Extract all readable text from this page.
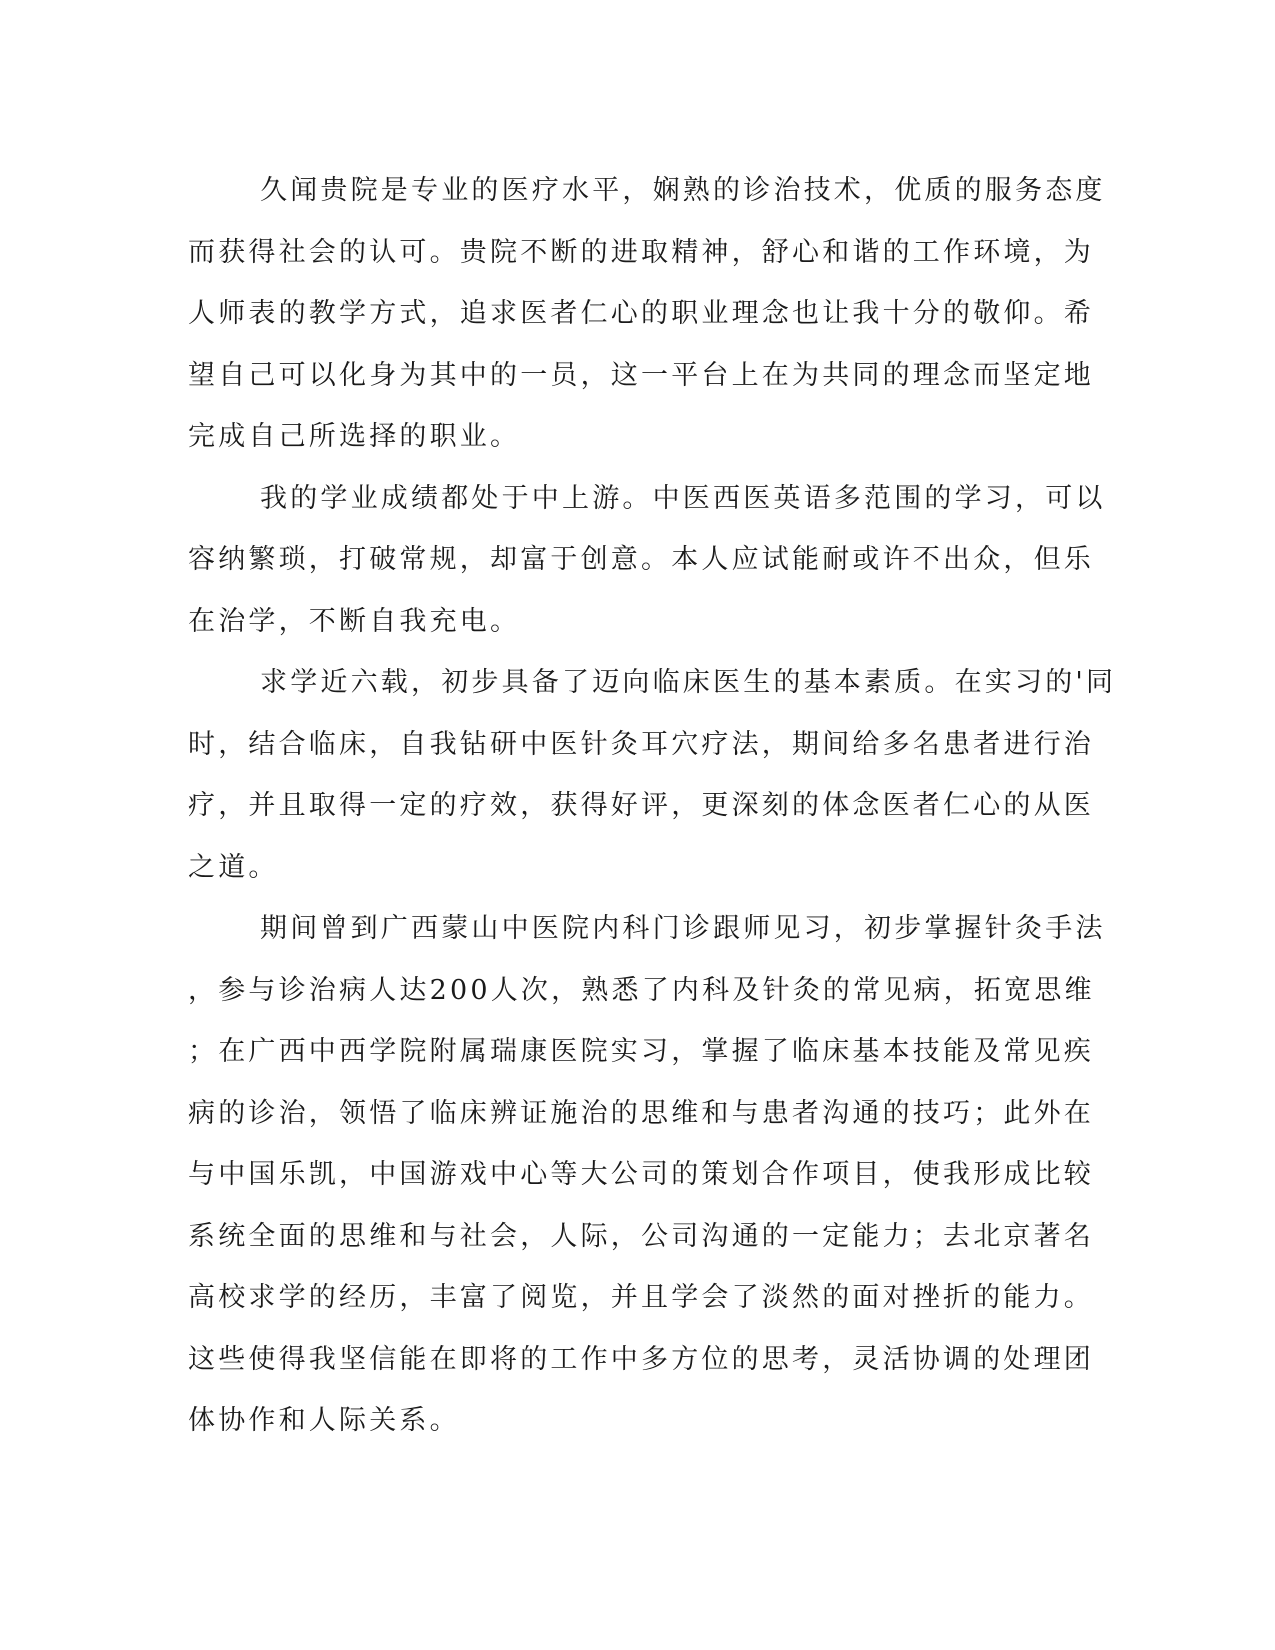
久闻贵院是专业的医疗水平，娴熟的诊治技术，优质的服务态度
而获得社会的认可。贵院不断的进取精神，舒心和谐的工作环境，为
人师表的教学方式，追求医者仁心的职业理念也让我十分的敬仰。希
望自己可以化身为其中的一员，这一平台上在为共同的理念而坚定地
完成自己所选择的职业。
我的学业成绩都处于中上游。中医西医英语多范围的学习，可以
容纳繁琐，打破常规，却富于创意。本人应试能耐或许不出众，但乐
在治学，不断自我充电。
求学近六载，初步具备了迈向临床医生的基本素质。在实习的'同
时，结合临床，自我钻研中医针灸耳穴疗法，期间给多名患者进行治
疗，并且取得一定的疗效，获得好评，更深刻的体念医者仁心的从医
之道。
期间曾到广西蒙山中医院内科门诊跟师见习，初步掌握针灸手法
，参与诊治病人达200人次，熟悉了内科及针灸的常见病，拓宽思维
；在广西中西学院附属瑞康医院实习，掌握了临床基本技能及常见疾
病的诊治，领悟了临床辨证施治的思维和与患者沟通的技巧；此外在
与中国乐凯，中国游戏中心等大公司的策划合作项目，使我形成比较
系统全面的思维和与社会，人际，公司沟通的一定能力；去北京著名
高校求学的经历，丰富了阅览，并且学会了淡然的面对挫折的能力。
这些使得我坚信能在即将的工作中多方位的思考，灵活协调的处理团
体协作和人际关系。
